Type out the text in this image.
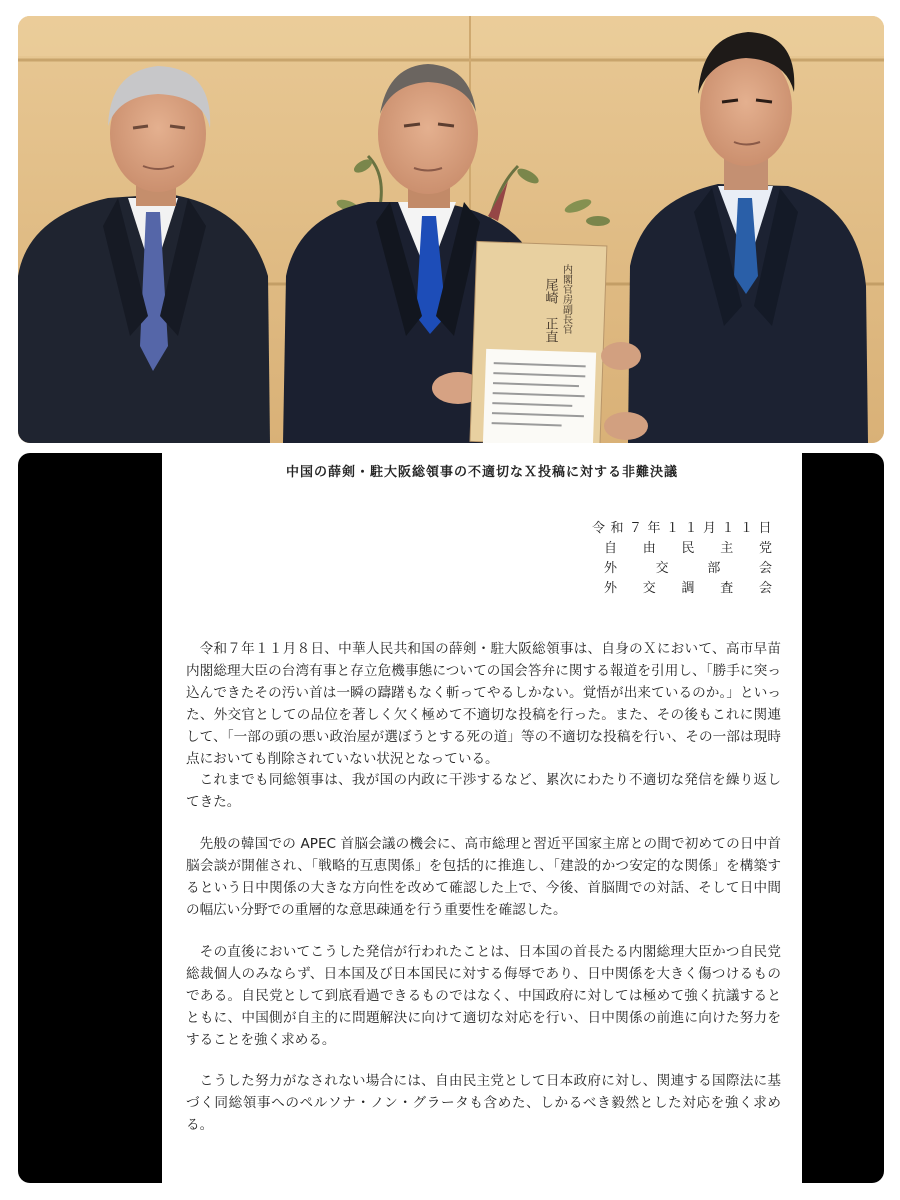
内閣官房副長官
尾崎　正直
中国の薛剣・駐大阪総領事の不適切なＸ投稿に対する非難決議
令和７年１１月１１日
自由民主党
外交部会
外交調査会

令和７年１１月８日、中華人民共和国の薛剣・駐大阪総領事は、自身のＸにおいて、高市早苗内閣総理大臣の台湾有事と存立危機事態についての国会答弁に関する報道を引用し、「勝手に突っ込んできたその汚い首は一瞬の躊躇もなく斬ってやるしかない。覚悟が出来ているのか。」といった、外交官としての品位を著しく欠く極めて不適切な投稿を行った。また、その後もこれに関連して、「一部の頭の悪い政治屋が選ぼうとする死の道」等の不適切な投稿を行い、その一部は現時点においても削除されていない状況となっている。

これまでも同総領事は、我が国の内政に干渉するなど、累次にわたり不適切な発信を繰り返してきた。

先般の韓国での APEC 首脳会議の機会に、高市総理と習近平国家主席との間で初めての日中首脳会談が開催され、「戦略的互恵関係」を包括的に推進し、「建設的かつ安定的な関係」を構築するという日中関係の大きな方向性を改めて確認した上で、今後、首脳間での対話、そして日中間の幅広い分野での重層的な意思疎通を行う重要性を確認した。

その直後においてこうした発信が行われたことは、日本国の首長たる内閣総理大臣かつ自民党総裁個人のみならず、日本国及び日本国民に対する侮辱であり、日中関係を大きく傷つけるものである。自民党として到底看過できるものではなく、中国政府に対しては極めて強く抗議するとともに、中国側が自主的に問題解決に向けて適切な対応を行い、日中関係の前進に向けた努力をすることを強く求める。

こうした努力がなされない場合には、自由民主党として日本政府に対し、関連する国際法に基づく同総領事へのペルソナ・ノン・グラータも含めた、しかるべき毅然とした対応を強く求める。
